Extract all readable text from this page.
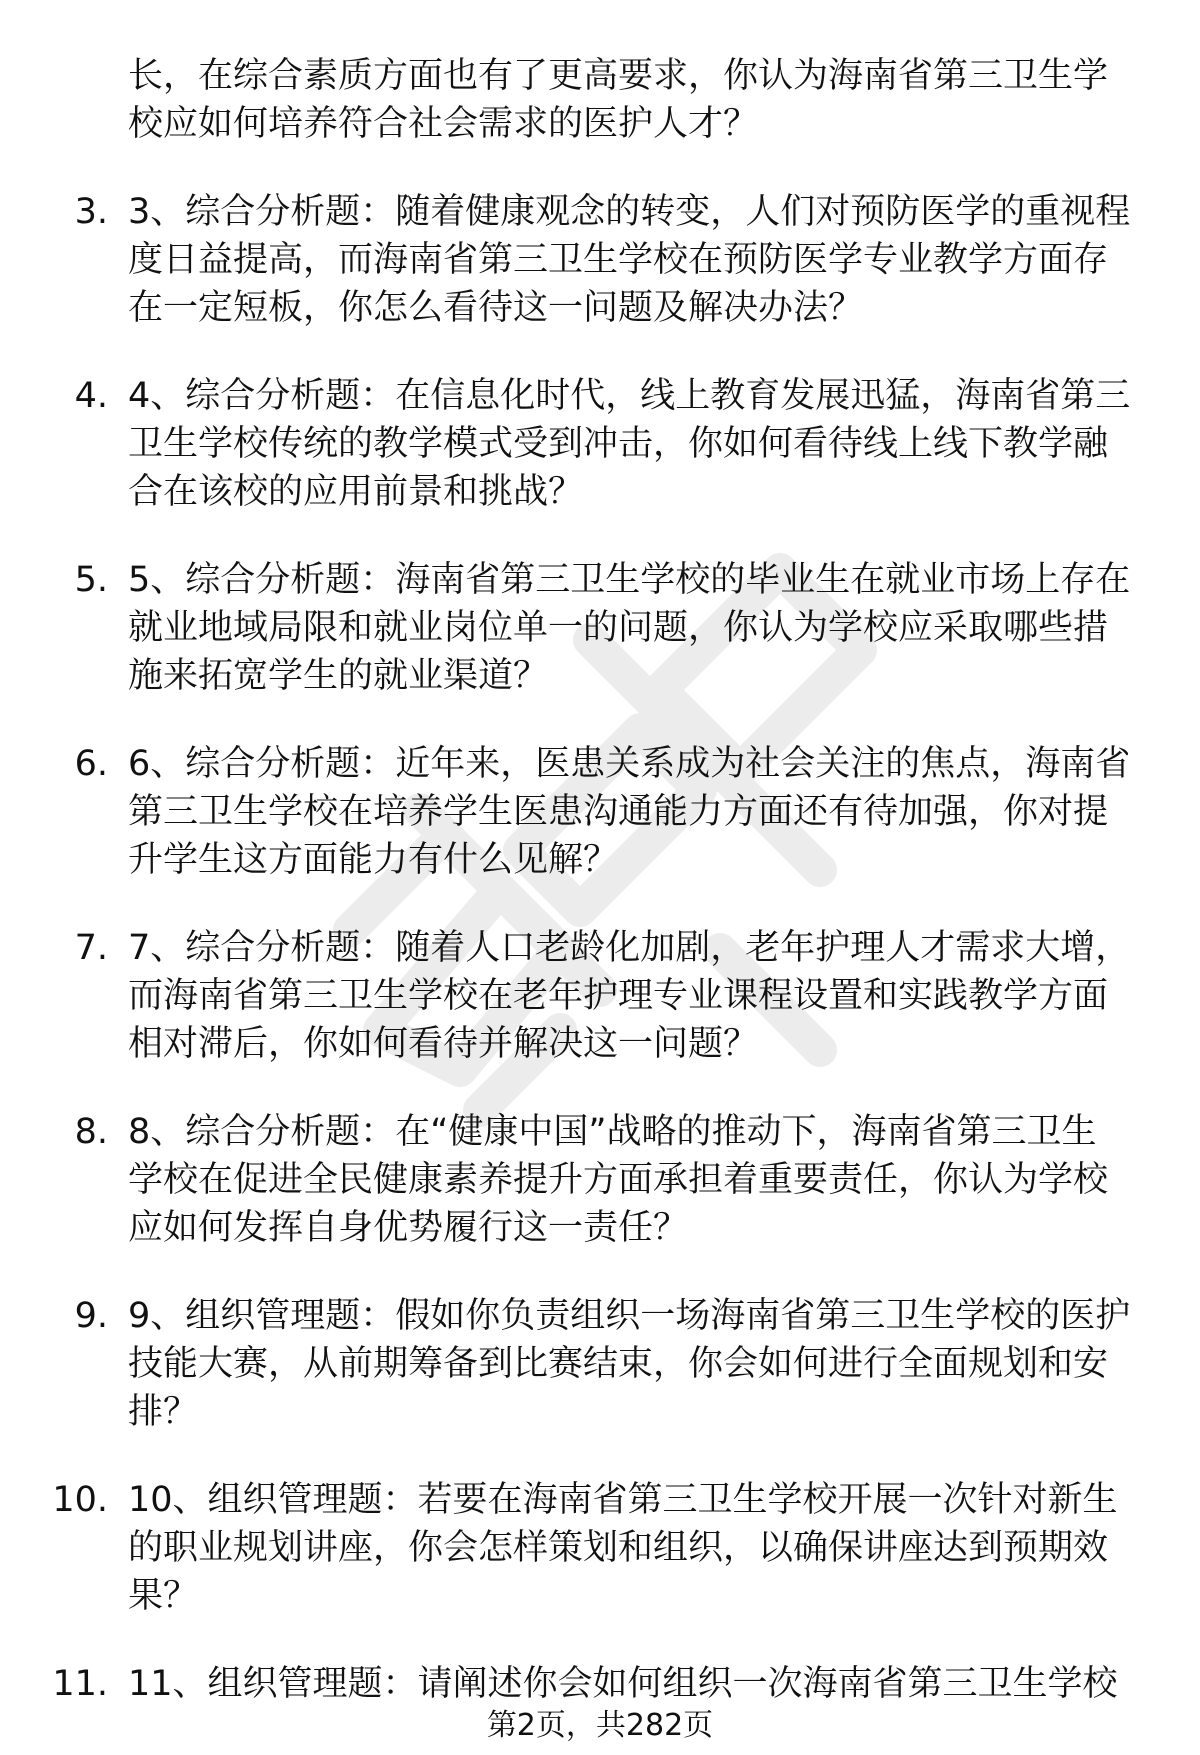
长，在综合素质方面也有了更高要求，你认为海南省第三卫生学
校应如何培养符合社会需求的医护人才？
3. 3、综合分析题：随着健康观念的转变，人们对预防医学的重视程
度日益提高，而海南省第三卫生学校在预防医学专业教学方面存
在一定短板，你怎么看待这一问题及解决办法？
4. 4、综合分析题：在信息化时代，线上教育发展迅猛，海南省第三
卫生学校传统的教学模式受到冲击，你如何看待线上线下教学融
合在该校的应用前景和挑战？
5. 5、综合分析题：海南省第三卫生学校的毕业生在就业市场上存在
就业地域局限和就业岗位单一的问题，你认为学校应采取哪些措
施来拓宽学生的就业渠道？
6. 6、综合分析题：近年来，医患关系成为社会关注的焦点，海南省
第三卫生学校在培养学生医患沟通能力方面还有待加强，你对提
升学生这方面能力有什么见解？
7. 7、综合分析题：随着人口老龄化加剧，老年护理人才需求大增，
而海南省第三卫生学校在老年护理专业课程设置和实践教学方面
相对滞后，你如何看待并解决这一问题？
8. 8、综合分析题：在“健康中国”战略的推动下，海南省第三卫生
学校在促进全民健康素养提升方面承担着重要责任，你认为学校
应如何发挥自身优势履行这一责任？
9. 9、组织管理题：假如你负责组织一场海南省第三卫生学校的医护
技能大赛，从前期筹备到比赛结束，你会如何进行全面规划和安
排？
10. 10、组织管理题：若要在海南省第三卫生学校开展一次针对新生
的职业规划讲座，你会怎样策划和组织，以确保讲座达到预期效
果？
11. 11、组织管理题：请阐述你会如何组织一次海南省第三卫生学校
第2页，共282页
